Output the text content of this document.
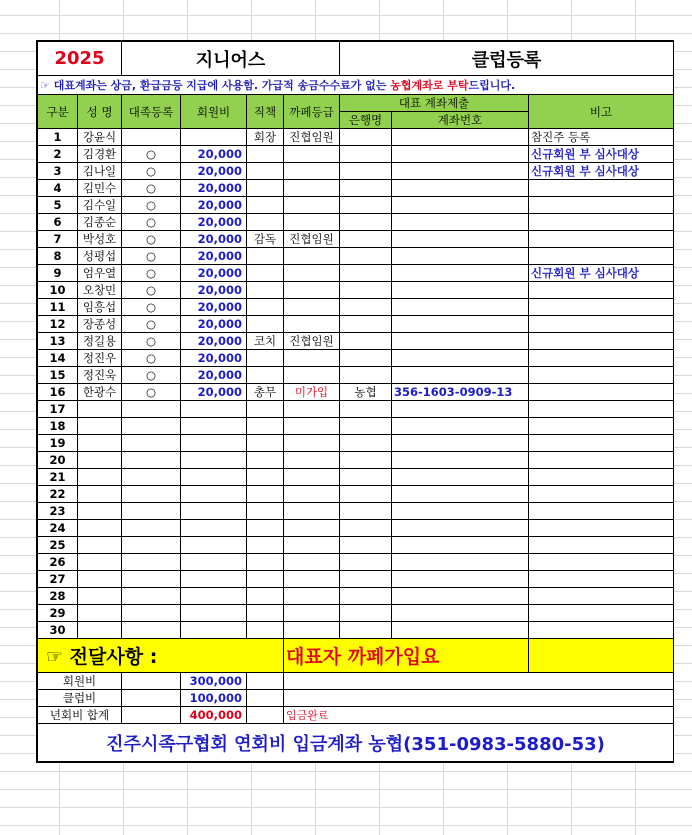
2025		지니어스				클럽등록		
☞ 대표계좌는 상금, 환급금등 지급에 사용함. 가급적 송금수수료가 없는 농협계좌로 부탁드립니다.								
구분	성 명	대족등록	회원비	직책	까페등급	대표 계좌제출		비고
						은행명	계좌번호	
1	강윤식			회장	진협임원			참진주 등록
2	김경환	○	20,000					신규회원 부 심사대상
3	김나일	○	20,000					신규회원 부 심사대상
4	김민수	○	20,000					
5	김수일	○	20,000					
6	김종순	○	20,000					
7	박성호	○	20,000	감독	진협임원			
8	성평섭	○	20,000					
9	엄우열	○	20,000					신규회원 부 심사대상
10	오창민	○	20,000					
11	임흥섭	○	20,000					
12	장종성	○	20,000					
13	정길용	○	20,000	코치	진협임원			
14	정진우	○	20,000					
15	정진욱	○	20,000					
16	한광수	○	20,000	총무	미가입	농협	356-1603-0909-13	
17								
18								
19								
20								
21								
22								
23								
24								
25								
26								
27								
28								
29								
30								
☞ 전달사항 :					대표자 까페가입요			
회원비			300,000					
클럽비			100,000					
년회비 합계			400,000		입금완료			
진주시족구협회 연회비 입금계좌 농협(351-0983-5880-53)								
